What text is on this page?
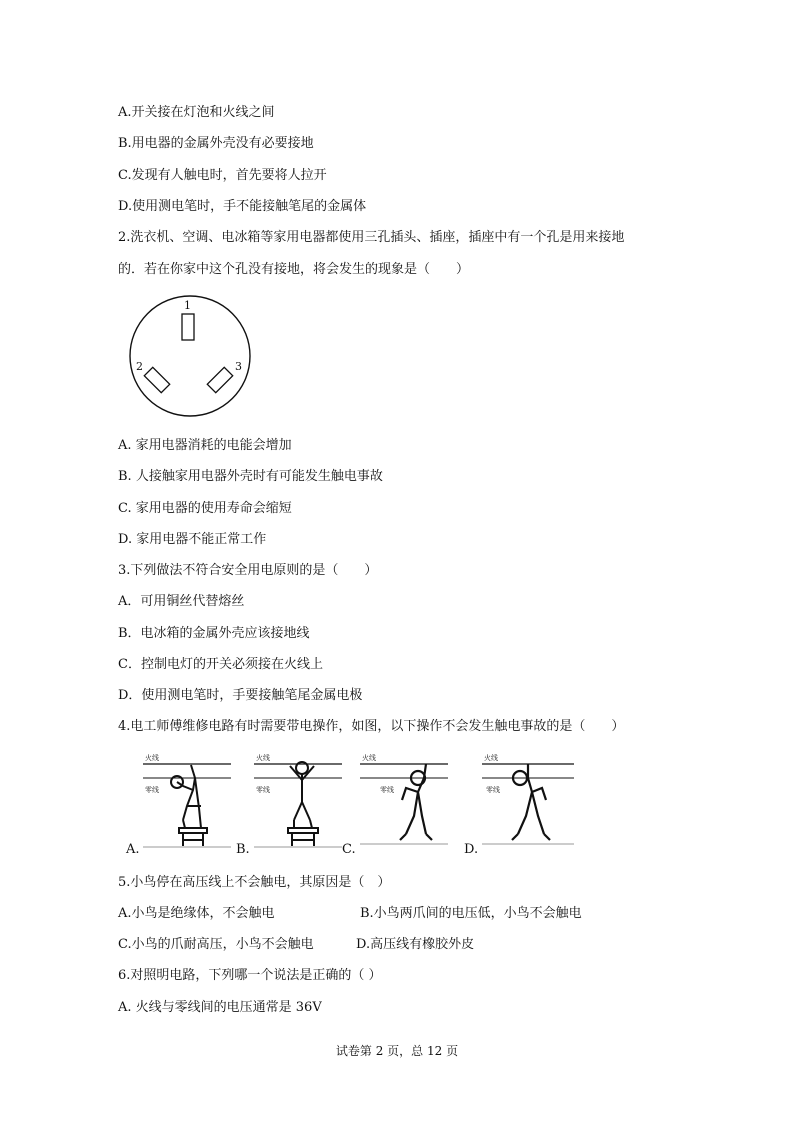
A.开关接在灯泡和火线之间
B.用电器的金属外壳没有必要接地
C.发现有人触电时，首先要将人拉开
D.使用测电笔时，手不能接触笔尾的金属体
2.洗衣机、空调、电冰箱等家用电器都使用三孔插头、插座，插座中有一个孔是用来接地
的．若在你家中这个孔没有接地，将会发生的现象是（　　）
1
2	3
A. 家用电器消耗的电能会增加
B. 人接触家用电器外壳时有可能发生触电事故
C. 家用电器的使用寿命会缩短
D. 家用电器不能正常工作
3.下列做法不符合安全用电原则的是（　　）
A．可用铜丝代替熔丝
B．电冰箱的金属外壳应该接地线
C．控制电灯的开关必须接在火线上
D．使用测电笔时，手要接触笔尾金属电极
4.电工师傅维修电路有时需要带电操作，如图，以下操作不会发生触电事故的是（　　）
火线
零线
A.
火线
零线
B.
火线
零线
C.
火线
零线
D.
5.小鸟停在高压线上不会触电，其原因是（　）
A.小鸟是绝缘体，不会触电	B.小鸟两爪间的电压低，小鸟不会触电
C.小鸟的爪耐高压，小鸟不会触电	D.高压线有橡胶外皮
6.对照明电路，下列哪一个说法是正确的（ ）
A. 火线与零线间的电压通常是 36V
试卷第 2 页，总 12 页
